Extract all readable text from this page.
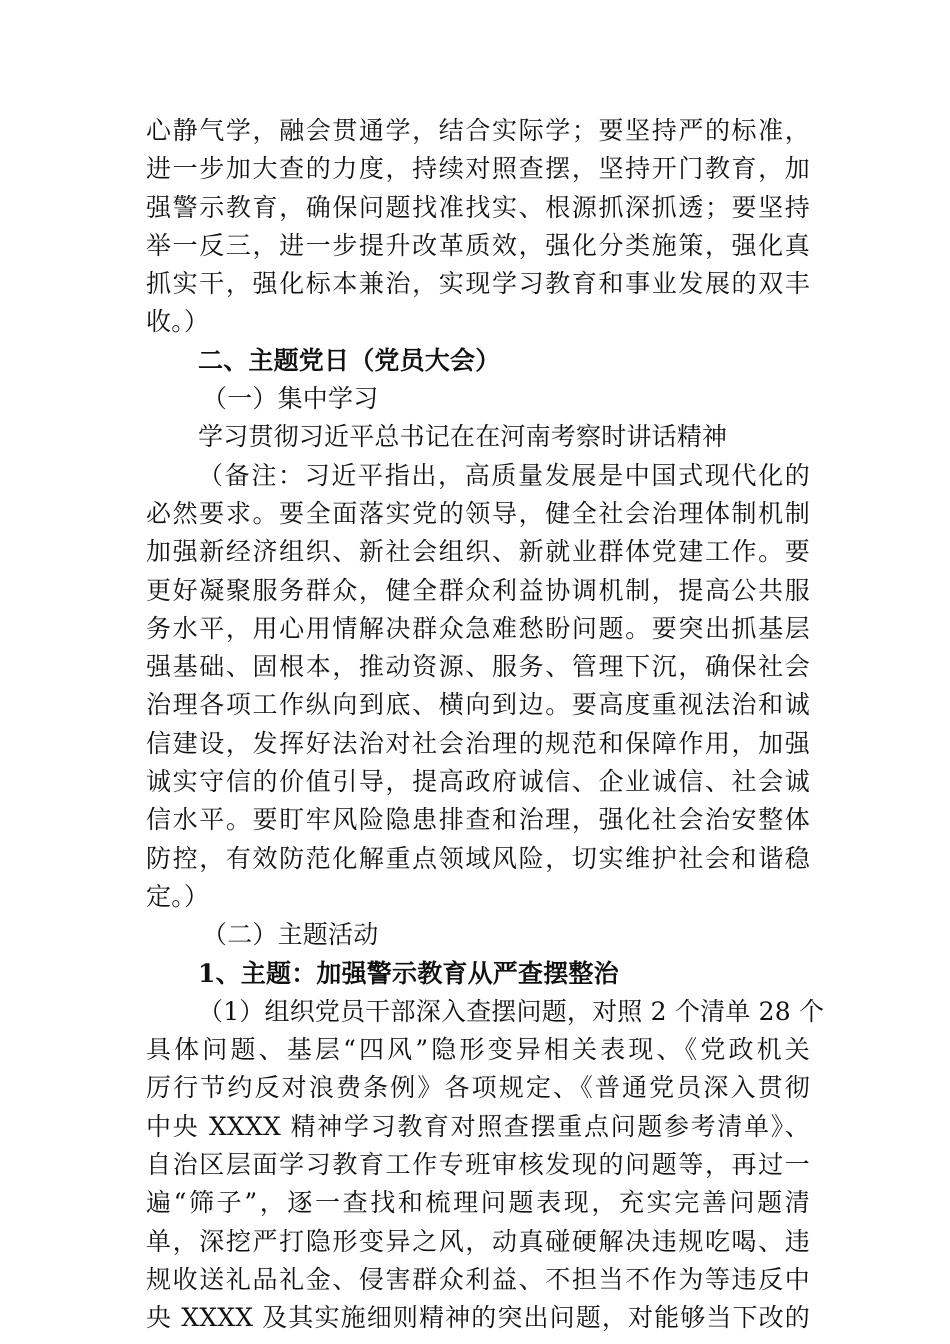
心静气学，融会贯通学，结合实际学；要坚持严的标准，
进一步加大查的力度，持续对照查摆，坚持开门教育，加
强警示教育，确保问题找准找实、根源抓深抓透；要坚持
举一反三，进一步提升改革质效，强化分类施策，强化真
抓实干，强化标本兼治，实现学习教育和事业发展的双丰
收。）
二、主题党日（党员大会）
（一）集中学习
学习贯彻习近平总书记在在河南考察时讲话精神
（备注：习近平指出，高质量发展是中国式现代化的
必然要求。要全面落实党的领导，健全社会治理体制机制
加强新经济组织、新社会组织、新就业群体党建工作。要
更好凝聚服务群众，健全群众利益协调机制，提高公共服
务水平，用心用情解决群众急难愁盼问题。要突出抓基层
强基础、固根本，推动资源、服务、管理下沉，确保社会
治理各项工作纵向到底、横向到边。要高度重视法治和诚
信建设，发挥好法治对社会治理的规范和保障作用，加强
诚实守信的价值引导，提高政府诚信、企业诚信、社会诚
信水平。要盯牢风险隐患排查和治理，强化社会治安整体
防控，有效防范化解重点领域风险，切实维护社会和谐稳
定。）
（二）主题活动
1、主题：加强警示教育从严查摆整治
（1）组织党员干部深入查摆问题，对照 2 个清单 28 个
具体问题、基层“四风”隐形变异相关表现、《党政机关
厉行节约反对浪费条例》各项规定、《普通党员深入贯彻
中央 XXXX 精神学习教育对照查摆重点问题参考清单》、
自治区层面学习教育工作专班审核发现的问题等，再过一
遍“筛子”，逐一查找和梳理问题表现，充实完善问题清
单，深挖严打隐形变异之风，动真碰硬解决违规吃喝、违
规收送礼品礼金、侵害群众利益、不担当不作为等违反中
央 XXXX 及其实施细则精神的突出问题，对能够当下改的
